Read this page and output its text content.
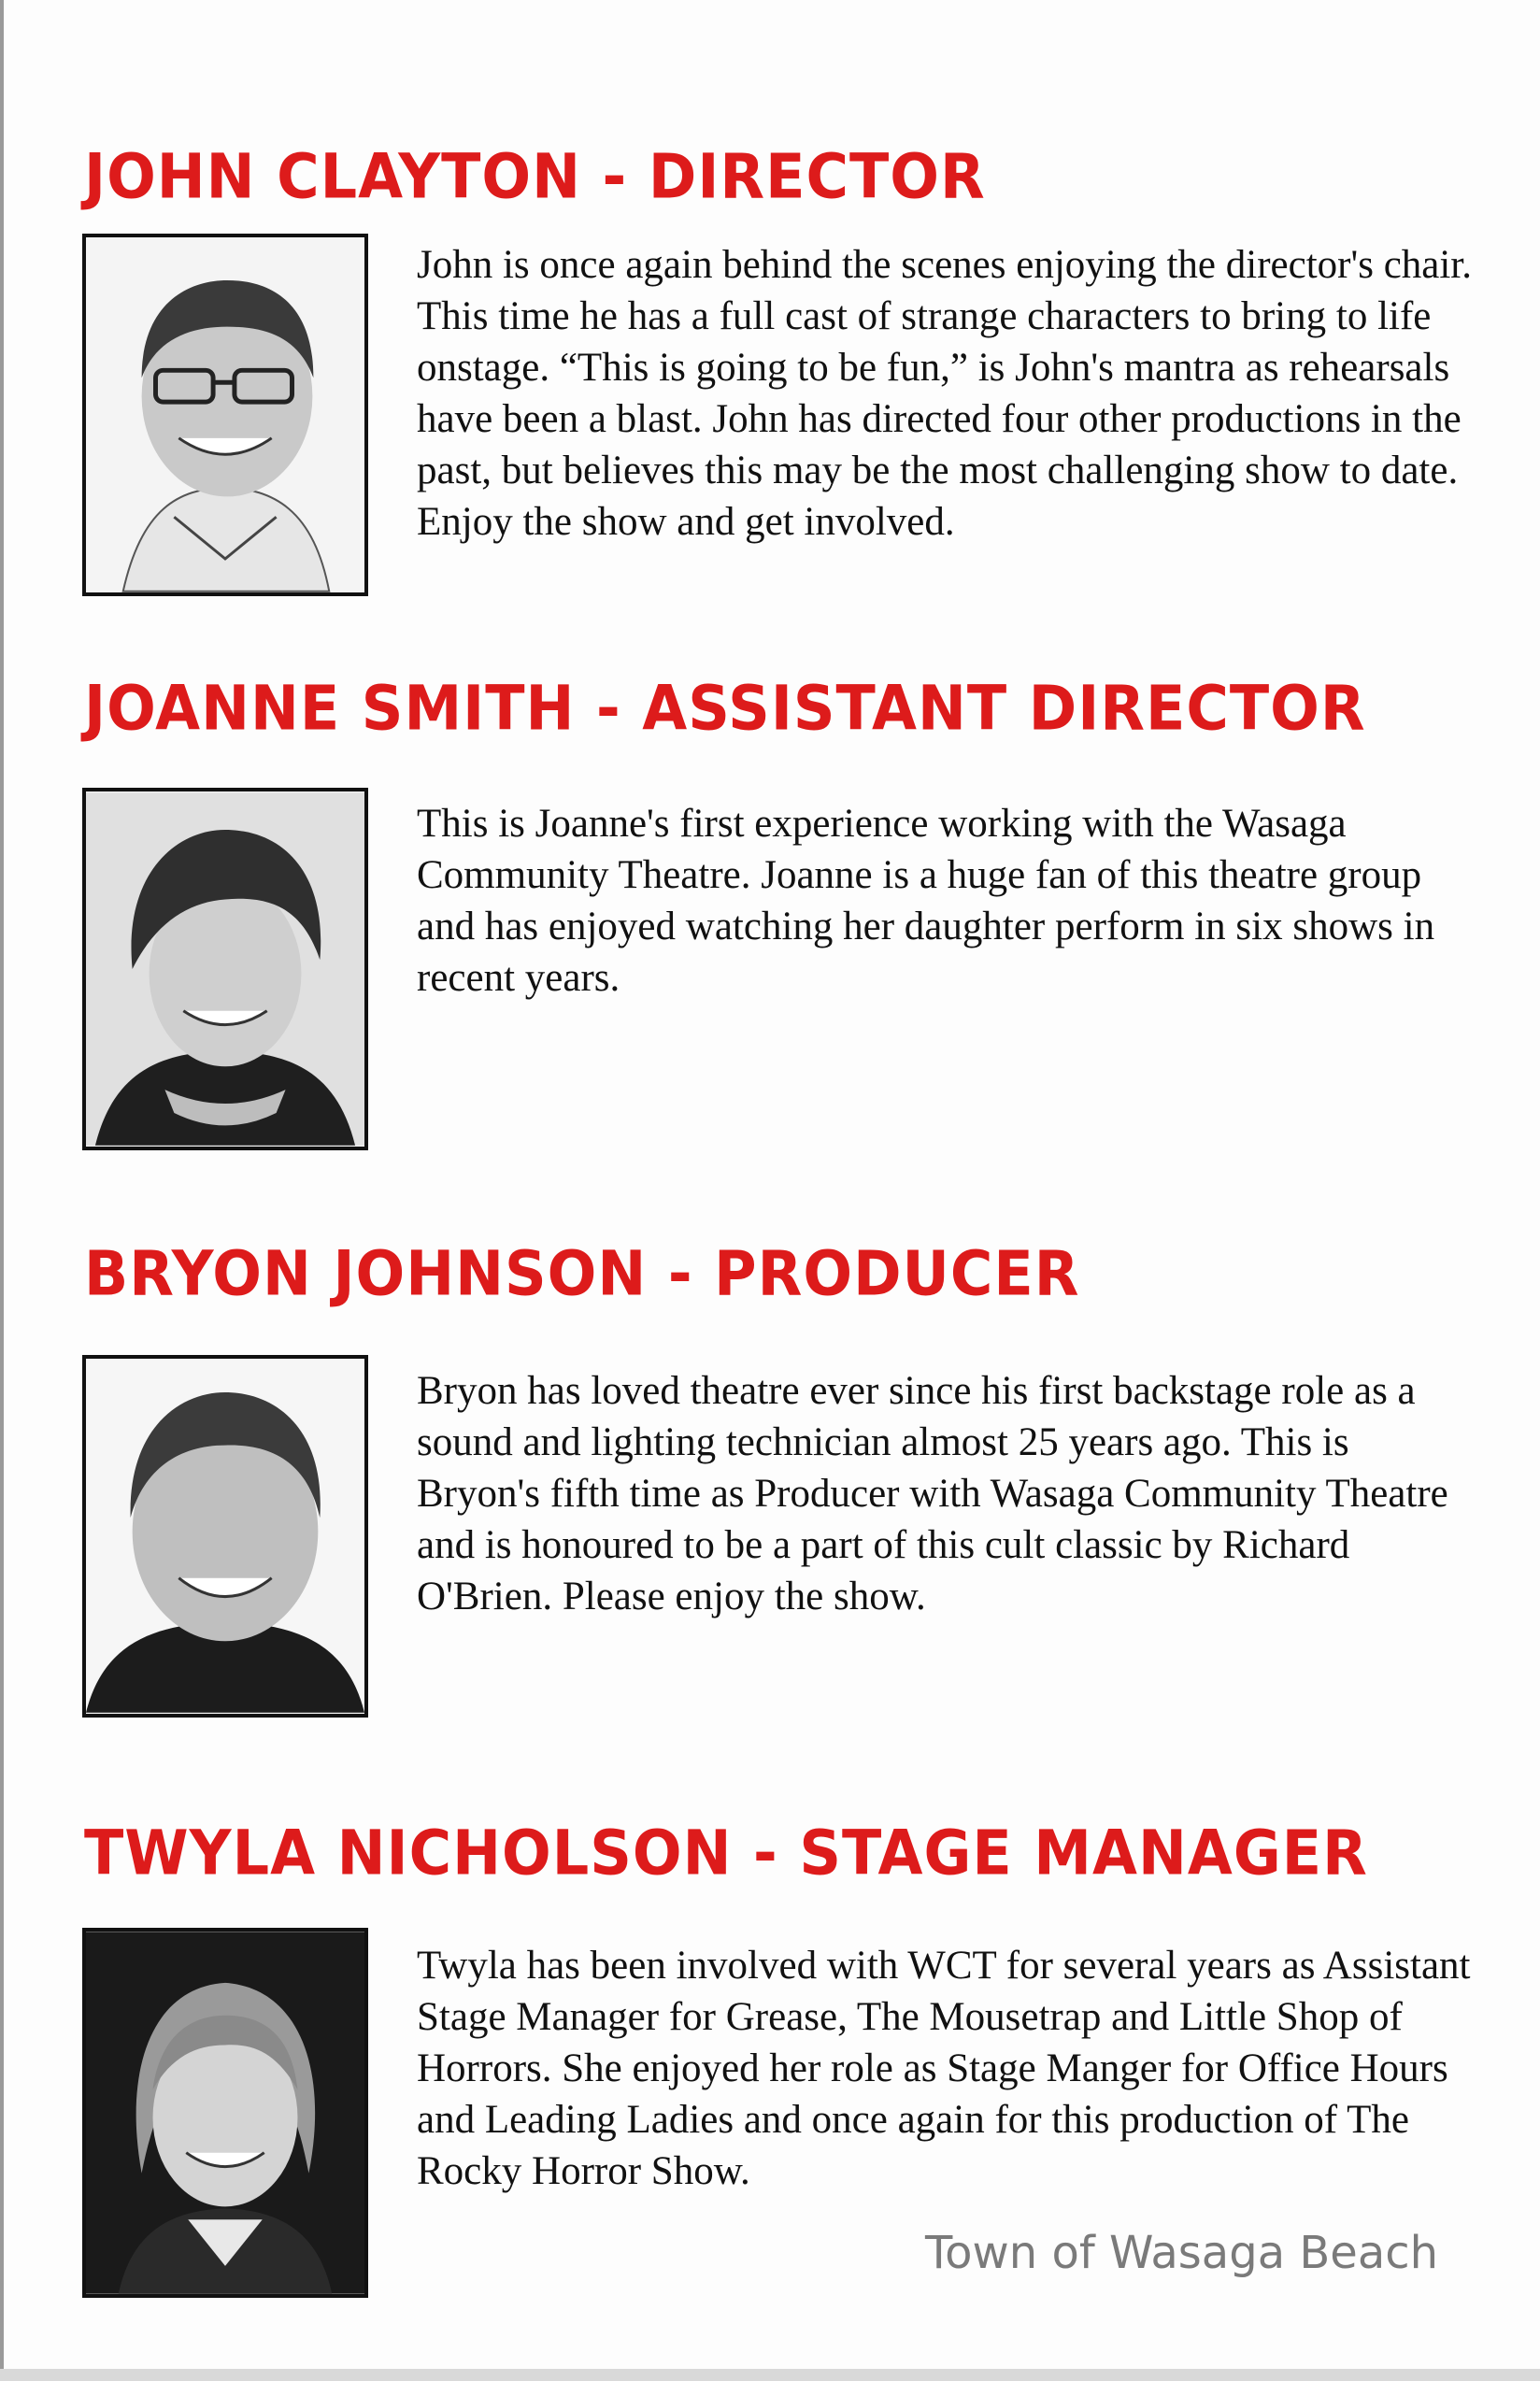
JOHN CLAYTON - DIRECTOR

John is once again behind the scenes enjoying the director's chair. This time he has a full cast of strange characters to bring to life onstage. “This is going to be fun,” is John's mantra as rehearsals have been a blast. John has directed four other productions in the past, but believes this may be the most challenging show to date. Enjoy the show and get involved.

JOANNE SMITH - ASSISTANT DIRECTOR

This is Joanne's first experience working with the Wasaga Community Theatre. Joanne is a huge fan of this theatre group and has enjoyed watching her daughter perform in six shows in recent years.

BRYON JOHNSON - PRODUCER

Bryon has loved theatre ever since his first backstage role as a sound and lighting technician almost 25 years ago. This is Bryon's fifth time as Producer with Wasaga Community Theatre and is honoured to be a part of this cult classic by Richard O'Brien. Please enjoy the show.

TWYLA NICHOLSON - STAGE MANAGER

Twyla has been involved with WCT for several years as Assistant Stage Manager for Grease, The Mousetrap and Little Shop of Horrors. She enjoyed her role as Stage Manger for Office Hours and Leading Ladies and once again for this production of The Rocky Horror Show.

Town of Wasaga Beach
